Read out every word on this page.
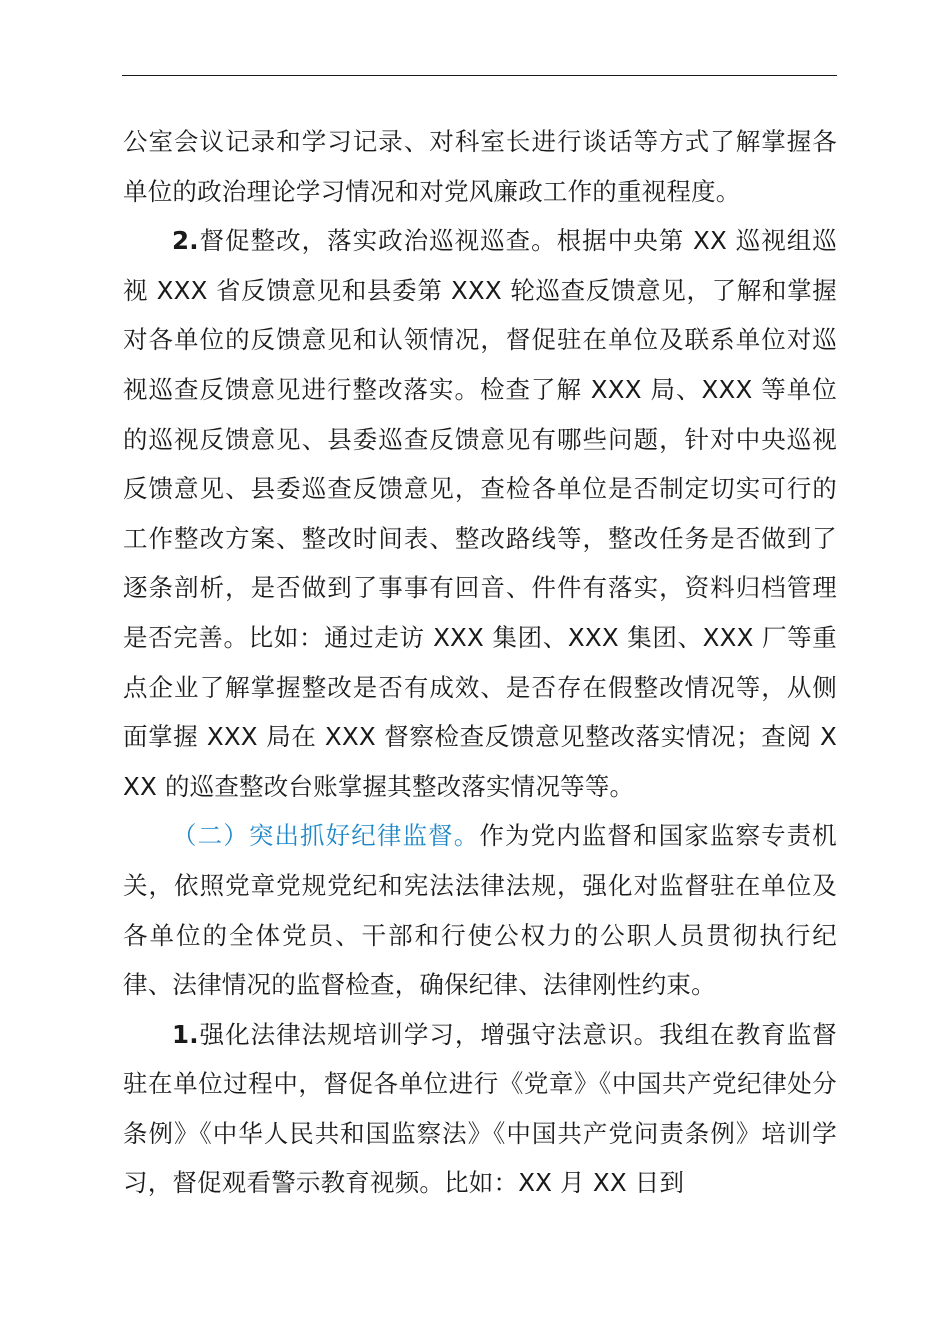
公室会议记录和学习记录、对科室长进行谈话等方式了解掌握各单位的政治理论学习情况和对党风廉政工作的重视程度。

2.督促整改，落实政治巡视巡查。根据中央第 XX 巡视组巡视 XXX 省反馈意见和县委第 XXX 轮巡查反馈意见，了解和掌握对各单位的反馈意见和认领情况，督促驻在单位及联系单位对巡视巡查反馈意见进行整改落实。检查了解 XXX 局、XXX 等单位的巡视反馈意见、县委巡查反馈意见有哪些问题，针对中央巡视反馈意见、县委巡查反馈意见，查检各单位是否制定切实可行的工作整改方案、整改时间表、整改路线等，整改任务是否做到了逐条剖析，是否做到了事事有回音、件件有落实，资料归档管理是否完善。比如：通过走访 XXX 集团、XXX 集团、XXX 厂等重点企业了解掌握整改是否有成效、是否存在假整改情况等，从侧面掌握 XXX 局在 XXX 督察检查反馈意见整改落实情况；查阅 XXX 的巡查整改台账掌握其整改落实情况等等。

（二）突出抓好纪律监督。作为党内监督和国家监察专责机关，依照党章党规党纪和宪法法律法规，强化对监督驻在单位及各单位的全体党员、干部和行使公权力的公职人员贯彻执行纪律、法律情况的监督检查，确保纪律、法律刚性约束。

1.强化法律法规培训学习，增强守法意识。我组在教育监督驻在单位过程中，督促各单位进行《党章》《中国共产党纪律处分条例》《中华人民共和国监察法》《中国共产党问责条例》培训学习，督促观看警示教育视频。比如：XX 月 XX 日到
